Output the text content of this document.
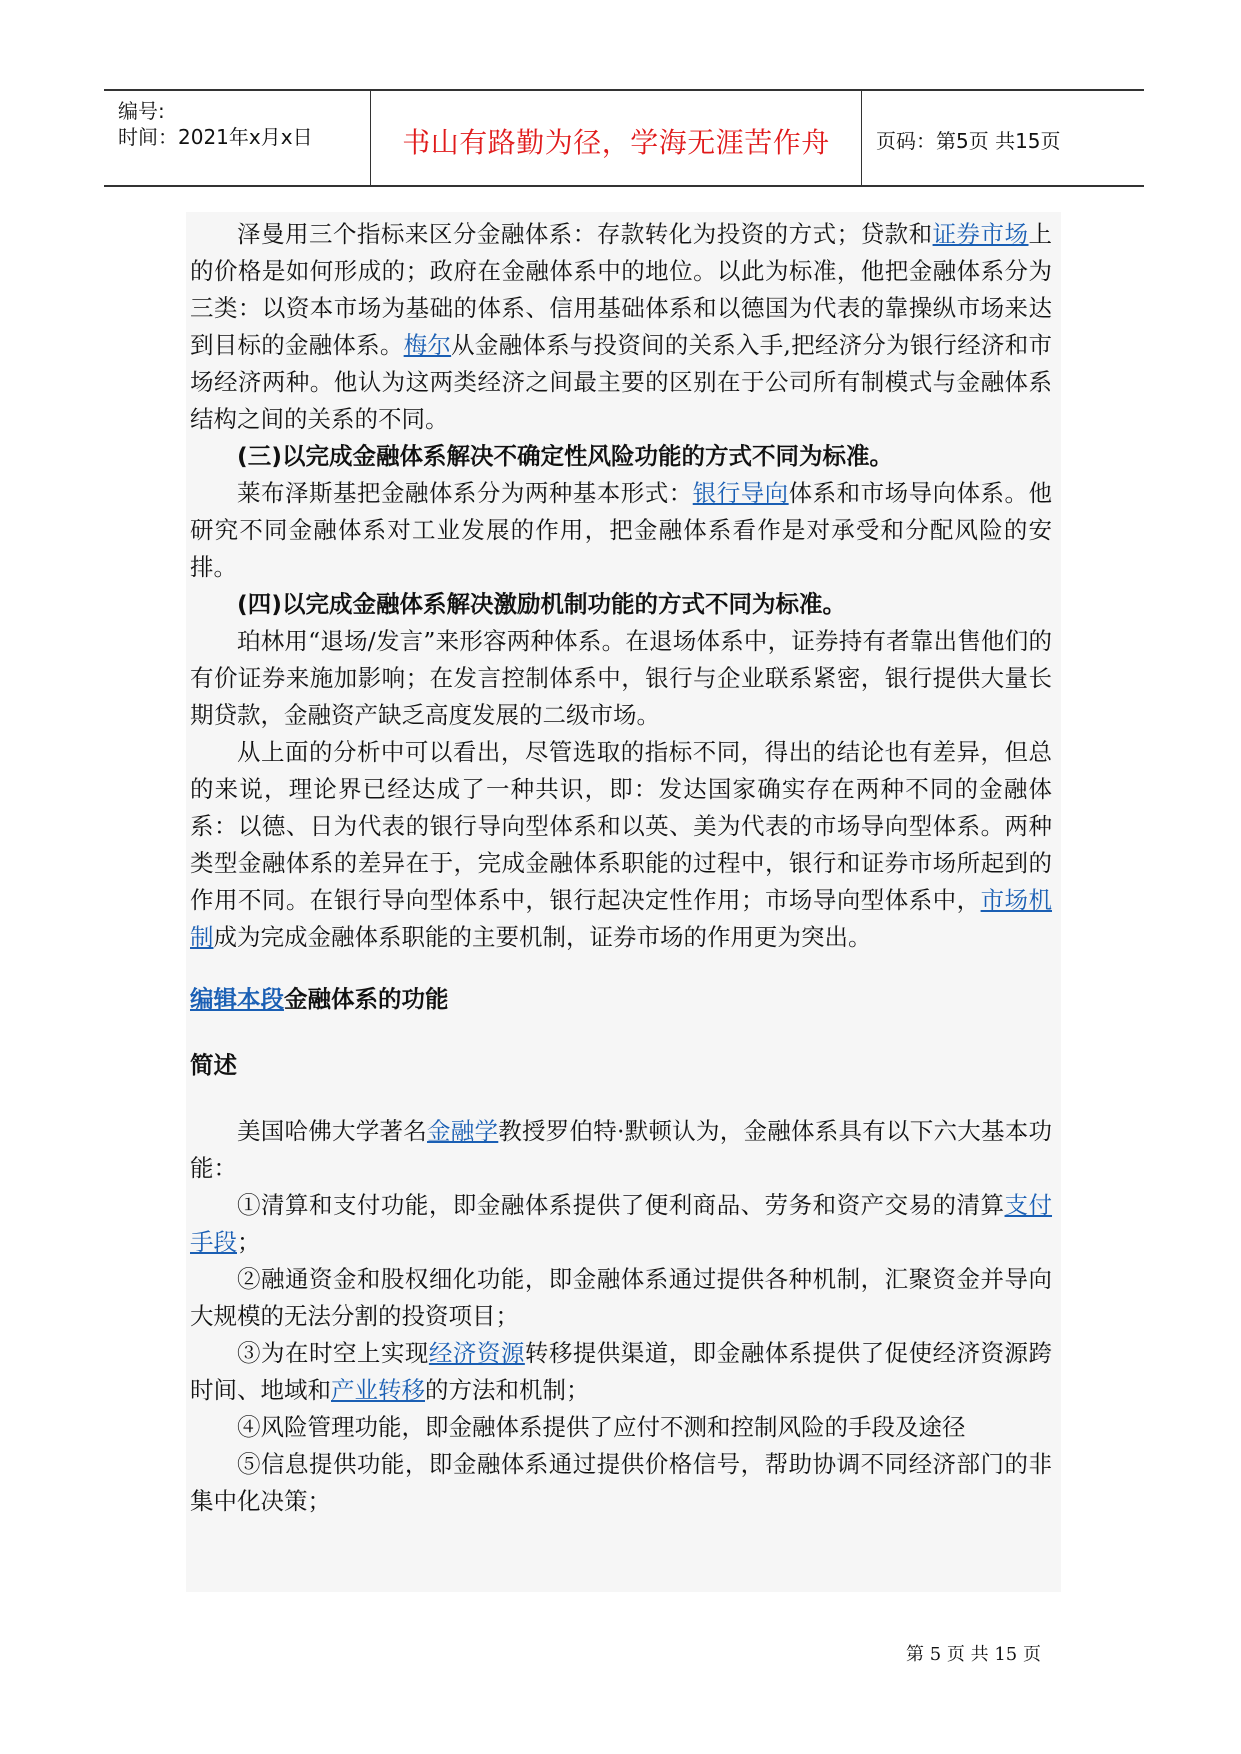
编号:
时间：2021年x月x日	书山有路勤为径，学海无涯苦作舟	页码：第5页 共15页

泽曼用三个指标来区分金融体系：存款转化为投资的方式；贷款和证券市场上的价格是如何形成的；政府在金融体系中的地位。以此为标准，他把金融体系分为三类：以资本市场为基础的体系、信用基础体系和以德国为代表的靠操纵市场来达到目标的金融体系。梅尔从金融体系与投资间的关系入手,把经济分为银行经济和市场经济两种。他认为这两类经济之间最主要的区别在于公司所有制模式与金融体系结构之间的关系的不同。

(三)以完成金融体系解决不确定性风险功能的方式不同为标准。

莱布泽斯基把金融体系分为两种基本形式：银行导向体系和市场导向体系。他研究不同金融体系对工业发展的作用，把金融体系看作是对承受和分配风险的安排。

(四)以完成金融体系解决激励机制功能的方式不同为标准。

珀林用“退场/发言”来形容两种体系。在退场体系中，证券持有者靠出售他们的有价证券来施加影响；在发言控制体系中，银行与企业联系紧密，银行提供大量长期贷款，金融资产缺乏高度发展的二级市场。

从上面的分析中可以看出，尽管选取的指标不同，得出的结论也有差异，但总的来说，理论界已经达成了一种共识，即：发达国家确实存在两种不同的金融体系：以德、日为代表的银行导向型体系和以英、美为代表的市场导向型体系。两种类型金融体系的差异在于，完成金融体系职能的过程中，银行和证券市场所起到的作用不同。在银行导向型体系中，银行起决定性作用；市场导向型体系中，市场机制成为完成金融体系职能的主要机制，证券市场的作用更为突出。

编辑本段金融体系的功能

简述

美国哈佛大学著名金融学教授罗伯特·默顿认为，金融体系具有以下六大基本功能：

①清算和支付功能，即金融体系提供了便利商品、劳务和资产交易的清算支付手段；

②融通资金和股权细化功能，即金融体系通过提供各种机制，汇聚资金并导向大规模的无法分割的投资项目；

③为在时空上实现经济资源转移提供渠道，即金融体系提供了促使经济资源跨时间、地域和产业转移的方法和机制；

④风险管理功能，即金融体系提供了应付不测和控制风险的手段及途径

⑤信息提供功能，即金融体系通过提供价格信号，帮助协调不同经济部门的非集中化决策；

第 5 页 共 15 页
